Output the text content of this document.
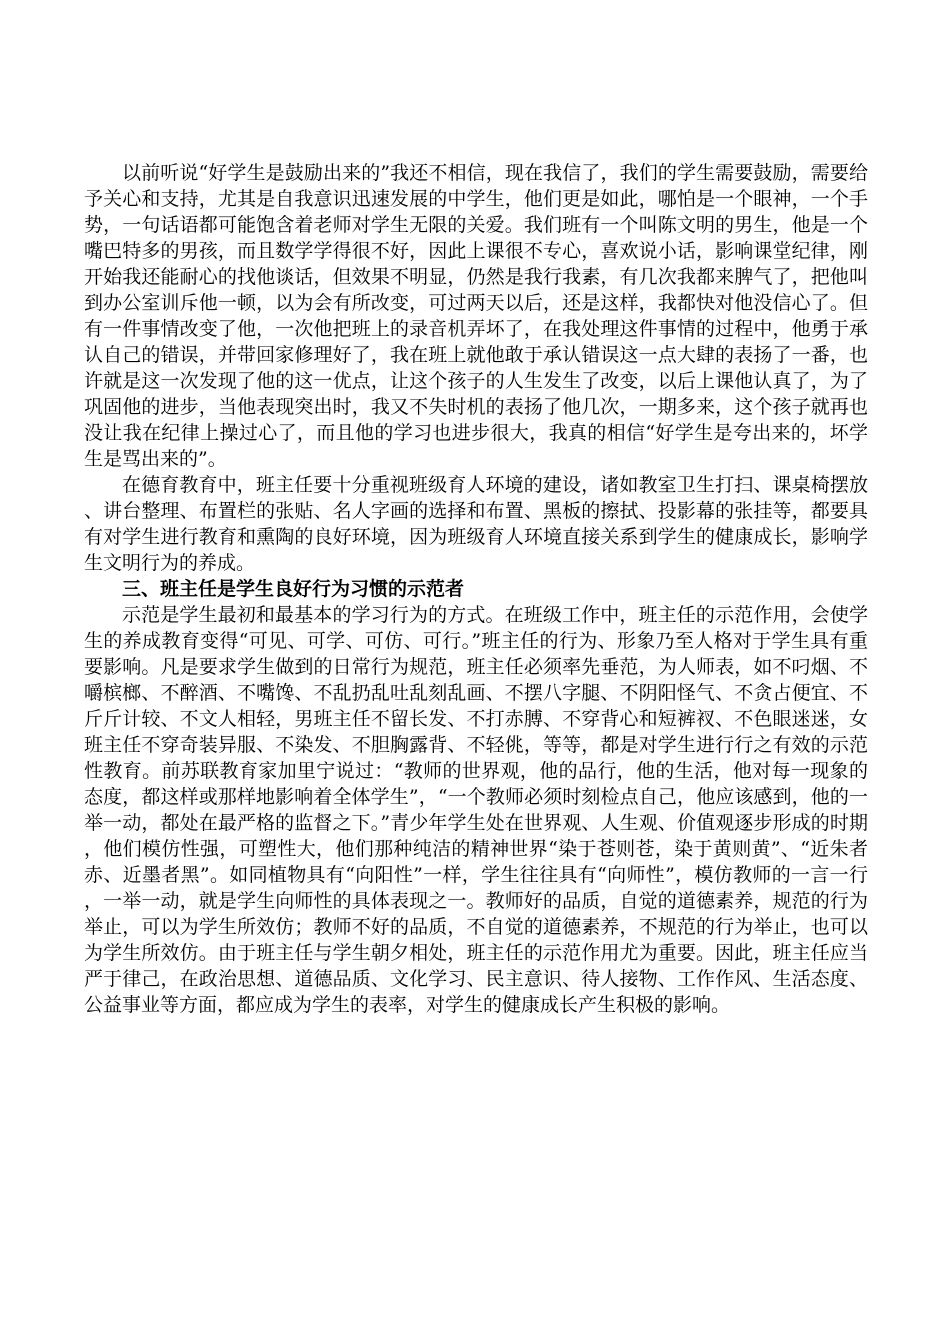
以前听说“好学生是鼓励出来的”我还不相信，现在我信了，我们的学生需要鼓励，需要给予关心和支持，尤其是自我意识迅速发展的中学生，他们更是如此，哪怕是一个眼神，一个手势，一句话语都可能饱含着老师对学生无限的关爱。我们班有一个叫陈文明的男生，他是一个嘴巴特多的男孩，而且数学学得很不好，因此上课很不专心，喜欢说小话，影响课堂纪律，刚开始我还能耐心的找他谈话，但效果不明显，仍然是我行我素，有几次我都来脾气了，把他叫到办公室训斥他一顿，以为会有所改变，可过两天以后，还是这样，我都快对他没信心了。但有一件事情改变了他，一次他把班上的录音机弄坏了，在我处理这件事情的过程中，他勇于承认自己的错误，并带回家修理好了，我在班上就他敢于承认错误这一点大肆的表扬了一番，也许就是这一次发现了他的这一优点，让这个孩子的人生发生了改变，以后上课他认真了，为了巩固他的进步，当他表现突出时，我又不失时机的表扬了他几次，一期多来，这个孩子就再也没让我在纪律上操过心了，而且他的学习也进步很大，我真的相信“好学生是夸出来的，坏学生是骂出来的”。

在德育教育中，班主任要十分重视班级育人环境的建设，诸如教室卫生打扫、课桌椅摆放、讲台整理、布置栏的张贴、名人字画的选择和布置、黑板的擦拭、投影幕的张挂等，都要具有对学生进行教育和熏陶的良好环境，因为班级育人环境直接关系到学生的健康成长，影响学生文明行为的养成。

三、班主任是学生良好行为习惯的示范者

示范是学生最初和最基本的学习行为的方式。在班级工作中，班主任的示范作用，会使学生的养成教育变得“可见、可学、可仿、可行。”班主任的行为、形象乃至人格对于学生具有重要影响。凡是要求学生做到的日常行为规范，班主任必须率先垂范，为人师表，如不叼烟、不嚼槟榔、不醉酒、不嘴馋、不乱扔乱吐乱刻乱画、不摆八字腿、不阴阳怪气、不贪占便宜、不斤斤计较、不文人相轻，男班主任不留长发、不打赤膊、不穿背心和短裤衩、不色眼迷迷，女班主任不穿奇装异服、不染发、不胆胸露背、不轻佻，等等，都是对学生进行行之有效的示范性教育。前苏联教育家加里宁说过：“教师的世界观，他的品行，他的生活，他对每一现象的态度，都这样或那样地影响着全体学生”，“一个教师必须时刻检点自己，他应该感到，他的一举一动，都处在最严格的监督之下。”青少年学生处在世界观、人生观、价值观逐步形成的时期，他们模仿性强，可塑性大，他们那种纯洁的精神世界“染于苍则苍，染于黄则黄”、“近朱者赤、近墨者黑”。如同植物具有“向阳性”一样，学生往往具有“向师性”，模仿教师的一言一行，一举一动，就是学生向师性的具体表现之一。教师好的品质，自觉的道德素养，规范的行为举止，可以为学生所效仿；教师不好的品质，不自觉的道德素养，不规范的行为举止，也可以为学生所效仿。由于班主任与学生朝夕相处，班主任的示范作用尤为重要。因此，班主任应当严于律己，在政治思想、道德品质、文化学习、民主意识、待人接物、工作作风、生活态度、公益事业等方面，都应成为学生的表率，对学生的健康成长产生积极的影响。
